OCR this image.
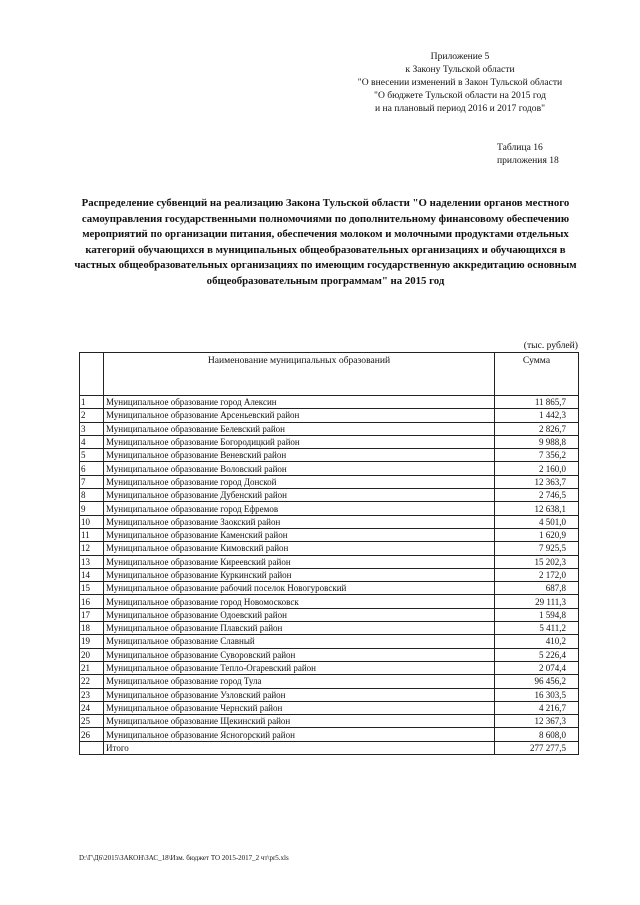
Приложение 5
к Закону Тульской области
"О внесении изменений в Закон Тульской области
"О бюджете Тульской области на 2015 год
и на плановый период 2016 и 2017 годов"
Таблица 16
приложения 18
Распределение субвенций на реализацию Закона Тульской области "О наделении органов местного самоуправления государственными полномочиями по дополнительному финансовому обеспечению мероприятий по организации питания, обеспечения молоком и молочными продуктами отдельных категорий обучающихся в муниципальных общеобразовательных организациях и обучающихся в частных общеобразовательных организациях по имеющим государственную аккредитацию основным общеобразовательным программам" на 2015 год
(тыс. рублей)
	Наименование муниципальных образований	Сумма
1	Муниципальное образование город Алексин	11 865,7
2	Муниципальное образование Арсеньевский район	1 442,3
3	Муниципальное образование Белевский район	2 826,7
4	Муниципальное образование Богородицкий район	9 988,8
5	Муниципальное образование Веневский район	7 356,2
6	Муниципальное образование Воловский район	2 160,0
7	Муниципальное образование город Донской	12 363,7
8	Муниципальное образование Дубенский район	2 746,5
9	Муниципальное образование город Ефремов	12 638,1
10	Муниципальное образование Заокский район	4 501,0
11	Муниципальное образование Каменский район	1 620,9
12	Муниципальное образование Кимовский район	7 925,5
13	Муниципальное образование Киреевский район	15 202,3
14	Муниципальное образование Куркинский район	2 172,0
15	Муниципальное образование рабочий поселок Новогуровский	687,8
16	Муниципальное образование город Новомосковск	29 111,3
17	Муниципальное образование Одоевский район	1 594,8
18	Муниципальное образование Плавский район	5 411,2
19	Муниципальное образование Славный	410,2
20	Муниципальное образование Суворовский район	5 226,4
21	Муниципальное образование Тепло-Огаревский район	2 074,4
22	Муниципальное образование город Тула	96 456,2
23	Муниципальное образование Узловский район	16 303,5
24	Муниципальное образование Чернский район	4 216,7
25	Муниципальное образование Щекинский район	12 367,3
26	Муниципальное образование Ясногорский район	8 608,0
	Итого	277 277,5
D:\Г\Д6\2015\ЗАКОН\ЗАС_18\Изм. бюджет ТО 2015-2017_2 чт\pr5.xls
